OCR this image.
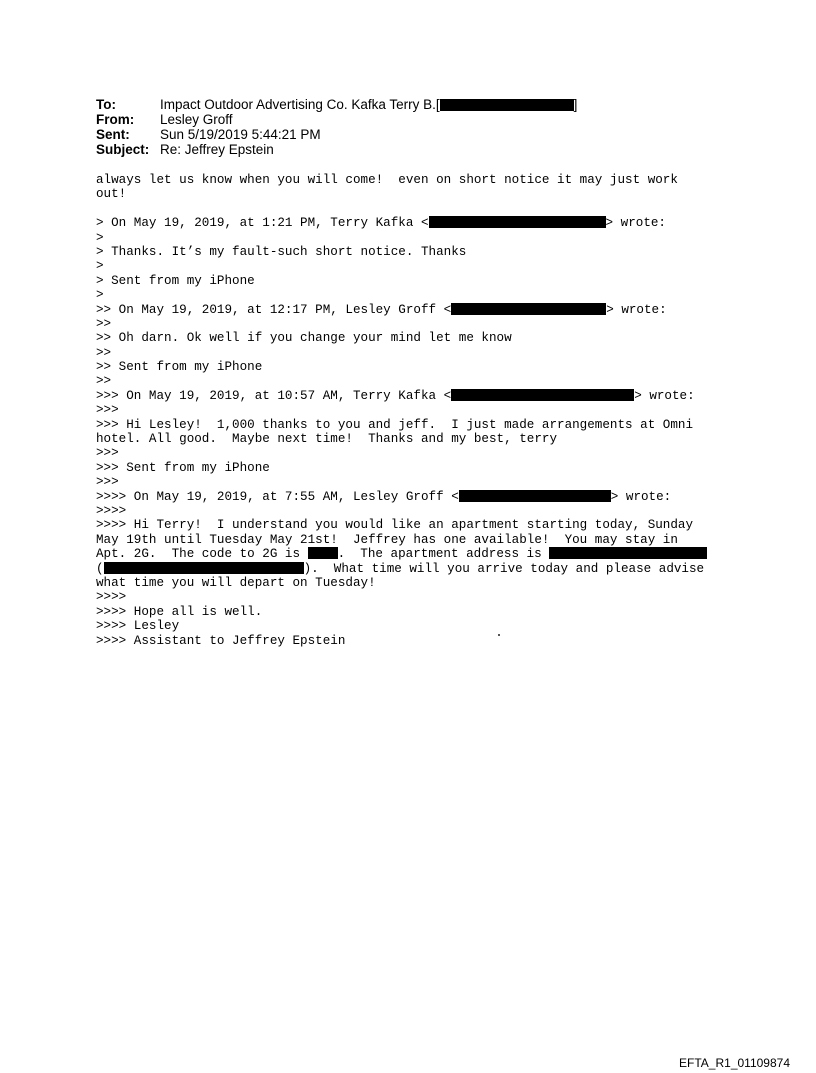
To:	Impact Outdoor Advertising Co. Kafka Terry B.[	]
From:	Lesley Groff
Sent:	Sun 5/19/2019 5:44:21 PM
Subject: Re: Jeffrey Epstein
always let us know when you will come!  even on short notice it may just work
out!
> On May 19, 2019, at 1:21 PM, Terry Kafka <	> wrote:
>
> Thanks. It’s my fault-such short notice. Thanks
>
> Sent from my iPhone
>
>> On May 19, 2019, at 12:17 PM, Lesley Groff <	> wrote:
>>
>> Oh darn. Ok well if you change your mind let me know
>>
>> Sent from my iPhone
>>
>>> On May 19, 2019, at 10:57 AM, Terry Kafka <	> wrote:
>>>
>>> Hi Lesley!  1,000 thanks to you and jeff.  I just made arrangements at Omni
hotel. All good.  Maybe next time!  Thanks and my best, terry
>>>
>>> Sent from my iPhone
>>>
>>>> On May 19, 2019, at 7:55 AM, Lesley Groff <	> wrote:
>>>>
>>>> Hi Terry!  I understand you would like an apartment starting today, Sunday
May 19th until Tuesday May 21st!  Jeffrey has one available!  You may stay in
Apt. 2G.  The code to 2G is .  The apartment address is
(	).  What time will you arrive today and please advise
what time you will depart on Tuesday!
>>>>
>>>> Hope all is well.
>>>> Lesley
>>>> Assistant to Jeffrey Epstein
EFTA_R1_01109874
